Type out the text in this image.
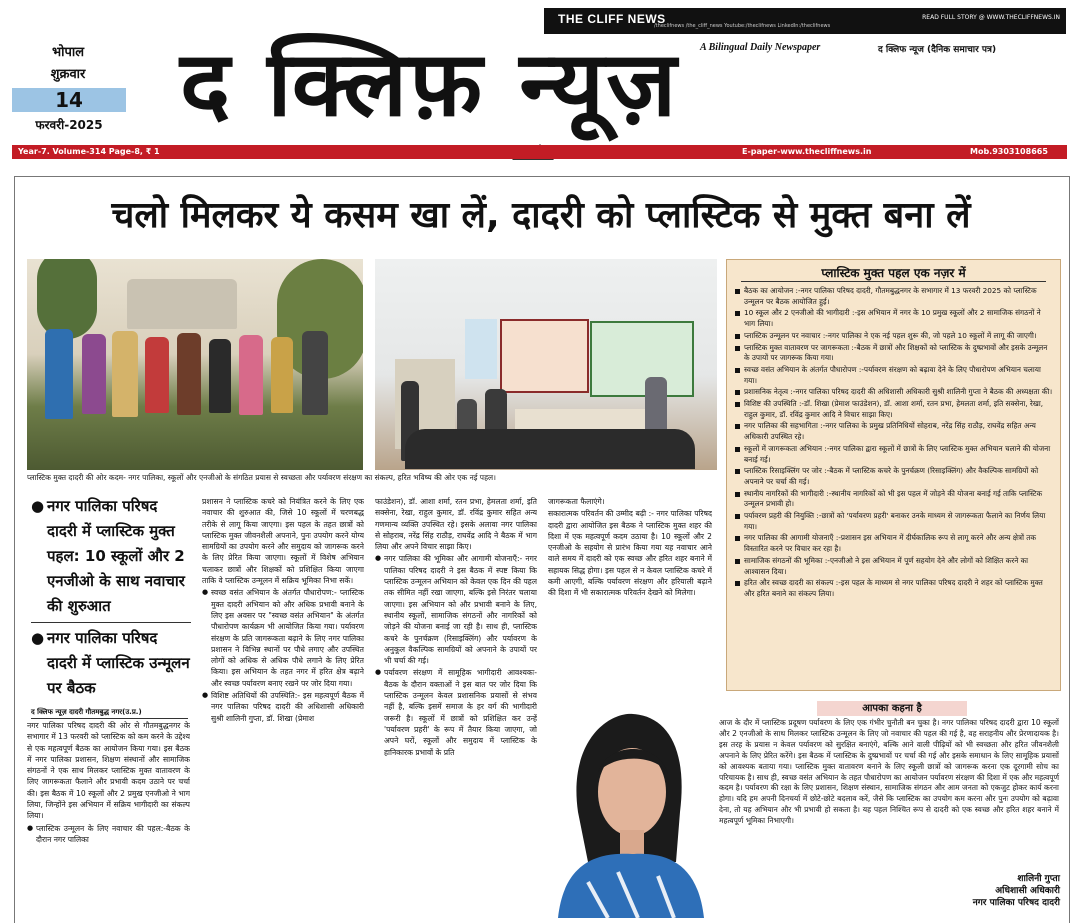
THE CLIFF NEWS	READ FULL STORY @ WWW.THECLIFFNEWS.IN
/theclifnews /the_cliff_news Youtube:/theclifnews LinkedIn:/theclifnews
भोपाल
शुक्रवार
14
फरवरी-2025
A Bilingual Daily Newspaper	द क्लिफ न्यूज (दैनिक समाचार पत्र)
द क्लिफ़ न्यूज़
Year-7. Volume-314 Page-8, ₹ 1	E-paper-www.thecliffnews.in	Mob.9303108665
चलो मिलकर ये कसम खा लें, दादरी को प्लास्टिक से मुक्त बना लें
प्लास्टिक मुक्त दादरी की ओर कदम- नगर पालिका, स्कूलों और एनजीओ के संगठित प्रयास से स्वच्छता और पर्यावरण संरक्षण का संकल्प, हरित भविष्य की ओर एक नई पहल।
● नगर पालिका परिषद दादरी में प्लास्टिक मुक्त पहल: 10 स्कूलों और 2 एनजीओ के साथ नवाचार की शुरुआत
● नगर पालिका परिषद दादरी में प्लास्टिक उन्मूलन पर बैठक
द क्लिफ न्यूज़ दादरी गौतमबुद्ध नगर(उ.प्र.)

नगर पालिका परिषद दादरी की ओर से गौतमबुद्धनगर के सभागार में 13 फरवरी को प्लास्टिक को कम करने के उद्देश्य से एक महत्वपूर्ण बैठक का आयोजन किया गया। इस बैठक में नगर पालिका प्रशासन, शिक्षण संस्थानों और सामाजिक संगठनों ने एक साथ मिलकर प्लास्टिक मुक्त वातावरण के लिए जागरूकता फैलाने और प्रभावी कदम उठाने पर चर्चा की। इस बैठक में 10 स्कूलों और 2 प्रमुख एनजीओ ने भाग लिया, जिन्होंने इस अभियान में सक्रिय भागीदारी का संकल्प लिया।

● प्लास्टिक उन्मूलन के लिए नवाचार की पहल:-बैठक के दौरान नगर पालिका

प्रशासन ने प्लास्टिक कचरे को नियंत्रित करने के लिए एक नवाचार की शुरुआत की, जिसे 10 स्कूलों में चरणबद्ध तरीके से लागू किया जाएगा। इस पहल के तहत छात्रों को प्लास्टिक मुक्त जीवनशैली अपनाने, पुनः उपयोग करने योग्य सामग्रियों का उपयोग करने और समुदाय को जागरूक करने के लिए प्रेरित किया जाएगा। स्कूलों में विशेष अभियान चलाकर छात्रों और शिक्षकों को प्रशिक्षित किया जाएगा ताकि वे प्लास्टिक उन्मूलन में सक्रिय भूमिका निभा सकें।

● स्वच्छ वसंत अभियान के अंतर्गत पौधारोपण:- प्लास्टिक मुक्त दादरी अभियान को और अधिक प्रभावी बनाने के लिए इस अवसर पर "स्वच्छ वसंत अभियान" के अंतर्गत पौधारोपण कार्यक्रम भी आयोजित किया गया। पर्यावरण संरक्षण के प्रति जागरूकता बढ़ाने के लिए नगर पालिका प्रशासन ने विभिन्न स्थानों पर पौधे लगाए और उपस्थित लोगों को अधिक से अधिक पौधे लगाने के लिए प्रेरित किया। इस अभियान के तहत नगर में हरित क्षेत्र बढ़ाने और स्वच्छ पर्यावरण बनाए रखने पर जोर दिया गया।

● विशिष्ट अतिथियों की उपस्थिति:- इस महत्वपूर्ण बैठक में नगर पालिका परिषद दादरी की अधिशासी अधिकारी सुश्री शालिनी गुप्ता, डॉ. शिखा (प्रेमाश

फाउंडेशन), डॉ. आशा शर्मा, रतन प्रभा, हेमलता शर्मा, इति सक्सेना, रेखा, राहुल कुमार, डॉ. रविंद्र कुमार सहित अन्य गणमान्य व्यक्ति उपस्थित रहे। इसके अलावा नगर पालिका से सोहराब, नरेंद्र सिंह राठौड़, राघवेंद्र आदि ने बैठक में भाग लिया और अपने विचार साझा किए।

● नगर पालिका की भूमिका और आगामी योजनाएँ:- नगर पालिका परिषद दादरी ने इस बैठक में स्पष्ट किया कि प्लास्टिक उन्मूलन अभियान को केवल एक दिन की पहल तक सीमित नहीं रखा जाएगा, बल्कि इसे निरंतर चलाया जाएगा। इस अभियान को और प्रभावी बनाने के लिए, स्थानीय स्कूलों, सामाजिक संगठनों और नागरिकों को जोड़ने की योजना बनाई जा रही है। साथ ही, प्लास्टिक कचरे के पुनर्चक्रण (रिसाइक्लिंग) और पर्यावरण के अनुकूल वैकल्पिक सामग्रियों को अपनाने के उपायों पर भी चर्चा की गई।

● पर्यावरण संरक्षण में सामूहिक भागीदारी आवश्यकः- बैठक के दौरान वक्ताओं ने इस बात पर जोर दिया कि प्लास्टिक उन्मूलन केवल प्रशासनिक प्रयासों से संभव नहीं है, बल्कि इसमें समाज के हर वर्ग की भागीदारी जरूरी है। स्कूलों में छात्रों को प्रशिक्षित कर उन्हें 'पर्यावरण प्रहरी' के रूप में तैयार किया जाएगा, जो अपने घरों, स्कूलों और समुदाय में प्लास्टिक के हानिकारक प्रभावों के प्रति

जागरूकता फैलाएंगे।

सकारात्मक परिवर्तन की उम्मीद बढ़ी :- नगर पालिका परिषद दादरी द्वारा आयोजित इस बैठक ने प्लास्टिक मुक्त शहर की दिशा में एक महत्वपूर्ण कदम उठाया है। 10 स्कूलों और 2 एनजीओ के सहयोग से प्रारंभ किया गया यह नवाचार आने वाले समय में दादरी को एक स्वच्छ और हरित शहर बनाने में सहायक सिद्ध होगा। इस पहल से न केवल प्लास्टिक कचरे में कमी आएगी, बल्कि पर्यावरण संरक्षण और हरियाली बढ़ाने की दिशा में भी सकारात्मक परिवर्तन देखने को मिलेगा।

प्लास्टिक मुक्त पहल एक नज़र में
बैठक का आयोजन :-नगर पालिका परिषद दादरी, गौतमबुद्धनगर के सभागार में 13 फरवरी 2025 को प्लास्टिक उन्मूलन पर बैठक आयोजित हुई।
10 स्कूल और 2 एनजीओ की भागीदारी :-इस अभियान में नगर के 10 प्रमुख स्कूलों और 2 सामाजिक संगठनों ने भाग लिया।
प्लास्टिक उन्मूलन पर नवाचार :-नगर पालिका ने एक नई पहल शुरू की, जो पहले 10 स्कूलों में लागू की जाएगी।
प्लास्टिक मुक्त वातावरण पर जागरूकता :-बैठक में छात्रों और शिक्षकों को प्लास्टिक के दुष्प्रभावों और इसके उन्मूलन के उपायों पर जागरूक किया गया।
स्वच्छ वसंत अभियान के अंतर्गत पौधारोपण :-पर्यावरण संरक्षण को बढ़ावा देने के लिए पौधारोपण अभियान चलाया गया।
प्रशासनिक नेतृत्व :-नगर पालिका परिषद दादरी की अधिशासी अधिकारी सुश्री शालिनी गुप्ता ने बैठक की अध्यक्षता की।
विशिष्ट की उपस्थिति :-डॉ. शिखा (प्रेमाश फाउंडेशन), डॉ. आशा शर्मा, रतन प्रभा, हेमलता शर्मा, इति सक्सेना, रेखा, राहुल कुमार, डॉ. रविंद्र कुमार आदि ने विचार साझा किए।
नगर पालिका की सहभागिता :-नगर पालिका के प्रमुख प्रतिनिधियों सोहराब, नरेंद्र सिंह राठौड़, राघवेंद्र सहित अन्य अधिकारी उपस्थित रहे।
स्कूलों में जागरूकता अभियान :-नगर पालिका द्वारा स्कूलों में छात्रों के लिए प्लास्टिक मुक्त अभियान चलाने की योजना बनाई गई।
प्लास्टिक रिसाइक्लिंग पर जोर :-बैठक में प्लास्टिक कचरे के पुनर्चक्रण (रिसाइक्लिंग) और वैकल्पिक सामग्रियों को अपनाने पर चर्चा की गई।
स्थानीय नागरिकों की भागीदारी :-स्थानीय नागरिकों को भी इस पहल में जोड़ने की योजना बनाई गई ताकि प्लास्टिक उन्मूलन प्रभावी हो।
पर्यावरण प्रहरी की नियुक्ति :-छात्रों को 'पर्यावरण प्रहरी' बनाकर उनके माध्यम से जागरूकता फैलाने का निर्णय लिया गया।
नगर पालिका की आगामी योजनाएँ :-प्रशासन इस अभियान में दीर्घकालिक रूप से लागू करने और अन्य क्षेत्रों तक विस्तारित करने पर विचार कर रहा है।
सामाजिक संगठनों की भूमिका :-एनजीओ ने इस अभियान में पूर्ण सहयोग देने और लोगों को शिक्षित करने का आश्वासन दिया।
हरित और स्वच्छ दादरी का संकल्प :-इस पहल के माध्यम से नगर पालिका परिषद दादरी ने शहर को प्लास्टिक मुक्त और हरित बनाने का संकल्प लिया।
आपका कहना है
आज के दौर में प्लास्टिक प्रदूषण पर्यावरण के लिए एक गंभीर चुनौती बन चुका है। नगर पालिका परिषद दादरी द्वारा 10 स्कूलों और 2 एनजीओ के साथ मिलकर प्लास्टिक उन्मूलन के लिए जो नवाचार की पहल की गई है, वह सराहनीय और प्रेरणादायक है। इस तरह के प्रयास न केवल पर्यावरण को सुरक्षित बनाएंगे, बल्कि आने वाली पीढ़ियों को भी स्वच्छता और हरित जीवनशैली अपनाने के लिए प्रेरित करेंगे। इस बैठक में प्लास्टिक के दुष्प्रभावों पर चर्चा की गई और इसके समाधान के लिए सामूहिक प्रयासों को आवश्यक बताया गया। प्लास्टिक मुक्त वातावरण बनाने के लिए स्कूली छात्रों को जागरूक करना एक दूरगामी सोच का परिचायक है। साथ ही, स्वच्छ वसंत अभियान के तहत पौधारोपण का आयोजन पर्यावरण संरक्षण की दिशा में एक और महत्वपूर्ण कदम है। पर्यावरण की रक्षा के लिए प्रशासन, शिक्षण संस्थान, सामाजिक संगठन और आम जनता को एकजुट होकर कार्य करना होगा। यदि हम अपनी दिनचर्या में छोटे-छोटे बदलाव करें, जैसे कि प्लास्टिक का उपयोग कम करना और पुनः उपयोग को बढ़ावा देना, तो यह अभियान और भी प्रभावी हो सकता है। यह पहल निश्चित रूप से दादरी को एक स्वच्छ और हरित शहर बनाने में महत्वपूर्ण भूमिका निभाएगी।
शालिनी गुप्ता
अधिशासी अधिकारी
नगर पालिका परिषद दादरी
